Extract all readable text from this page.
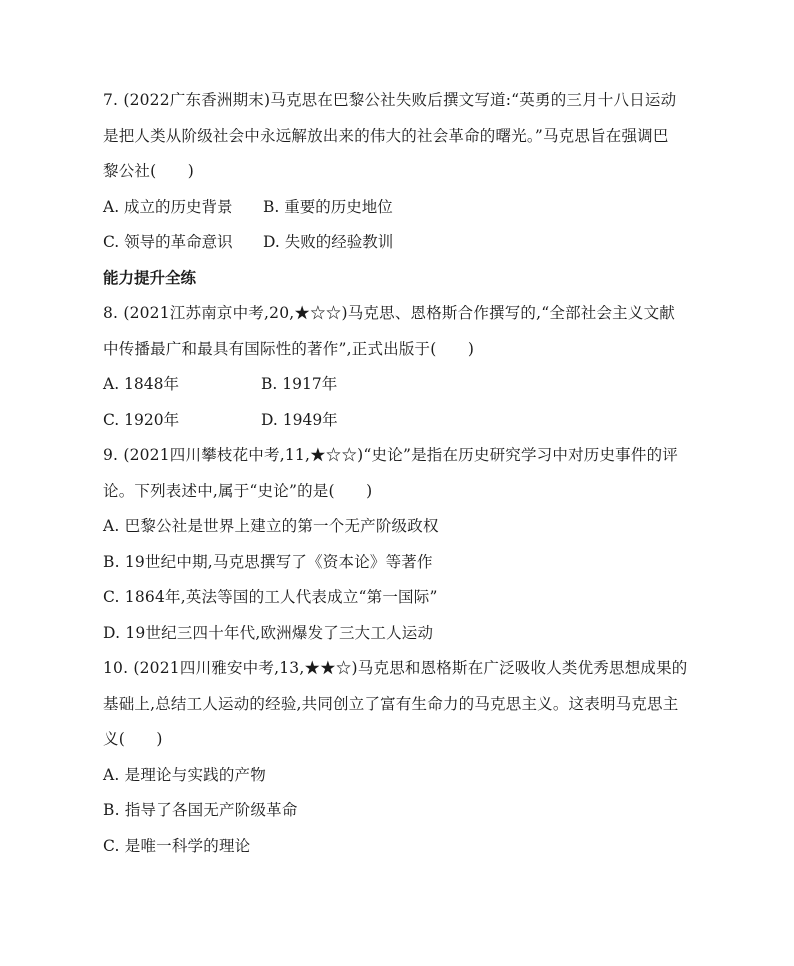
7. (2022广东香洲期末)马克思在巴黎公社失败后撰文写道:“英勇的三月十八日运动
是把人类从阶级社会中永远解放出来的伟大的社会革命的曙光。”马克思旨在强调巴
黎公社(　　)
A. 成立的历史背景	B. 重要的历史地位
C. 领导的革命意识	D. 失败的经验教训
能力提升全练
8. (2021江苏南京中考,20,★☆☆)马克思、恩格斯合作撰写的,“全部社会主义文献
中传播最广和最具有国际性的著作”,正式出版于(　　)
A. 1848年	B. 1917年
C. 1920年	D. 1949年
9. (2021四川攀枝花中考,11,★☆☆)“史论”是指在历史研究学习中对历史事件的评
论。下列表述中,属于“史论”的是(　　)
A. 巴黎公社是世界上建立的第一个无产阶级政权
B. 19世纪中期,马克思撰写了《资本论》等著作
C. 1864年,英法等国的工人代表成立“第一国际”
D. 19世纪三四十年代,欧洲爆发了三大工人运动
10. (2021四川雅安中考,13,★★☆)马克思和恩格斯在广泛吸收人类优秀思想成果的
基础上,总结工人运动的经验,共同创立了富有生命力的马克思主义。这表明马克思主
义(　　)
A. 是理论与实践的产物
B. 指导了各国无产阶级革命
C. 是唯一科学的理论
